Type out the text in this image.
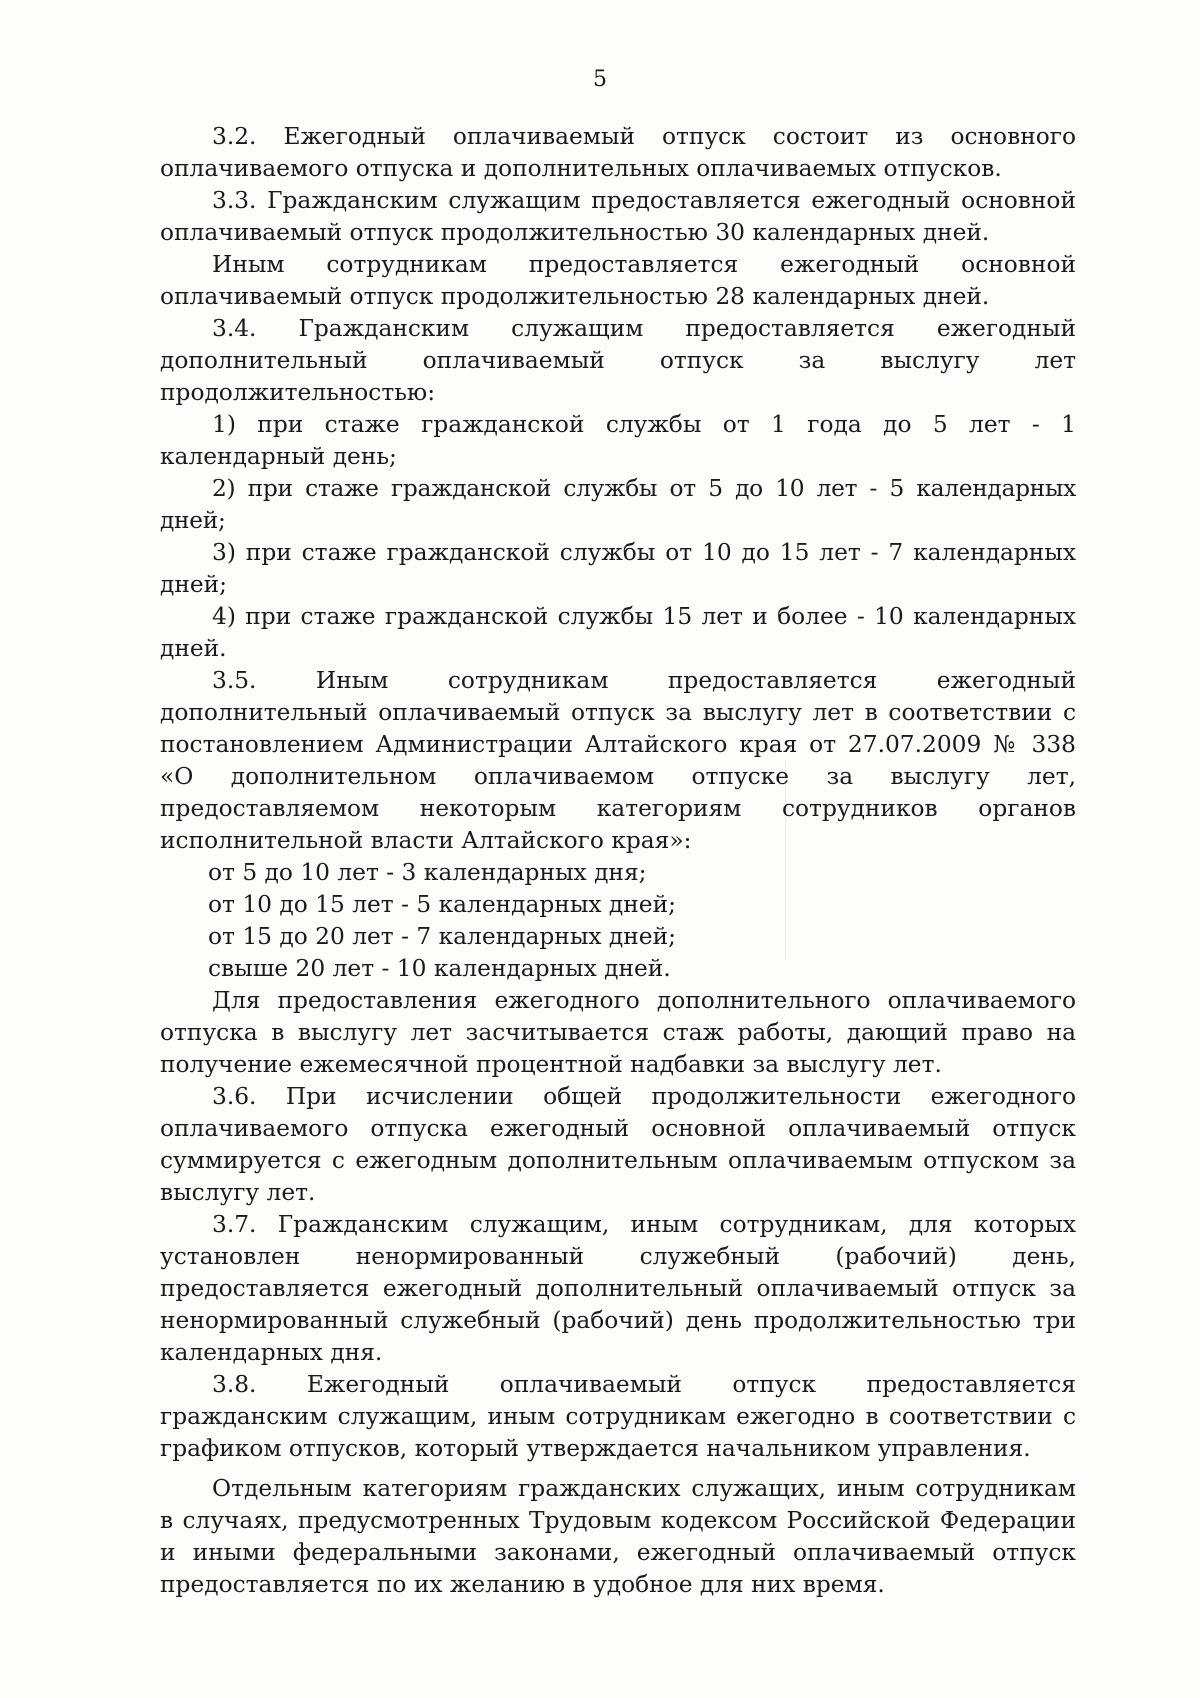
5

3.2. Ежегодный оплачиваемый отпуск состоит из основного оплачиваемого отпуска и дополнительных оплачиваемых отпусков.

3.3. Гражданским служащим предоставляется ежегодный основной оплачиваемый отпуск продолжительностью 30 календарных дней.

Иным сотрудникам предоставляется ежегодный основной оплачиваемый отпуск продолжительностью 28 календарных дней.

3.4. Гражданским служащим предоставляется ежегодный дополнительный оплачиваемый отпуск за выслугу лет продолжительностью:

1) при стаже гражданской службы от 1 года до 5 лет - 1 календарный день;

2) при стаже гражданской службы от 5 до 10 лет - 5 календарных дней;

3) при стаже гражданской службы от 10 до 15 лет - 7 календарных дней;

4) при стаже гражданской службы 15 лет и более - 10 календарных дней.

3.5. Иным сотрудникам предоставляется ежегодный дополнительный оплачиваемый отпуск за выслугу лет в соответствии с постановлением Администрации Алтайского края от 27.07.2009 № 338 «О дополнительном оплачиваемом отпуске за выслугу лет, предоставляемом некоторым категориям сотрудников органов исполнительной власти Алтайского края»:

от 5 до 10 лет - 3 календарных дня;

от 10 до 15 лет - 5 календарных дней;

от 15 до 20 лет - 7 календарных дней;

свыше 20 лет - 10 календарных дней.

Для предоставления ежегодного дополнительного оплачиваемого отпуска в выслугу лет засчитывается стаж работы, дающий право на получение ежемесячной процентной надбавки за выслугу лет.

3.6. При исчислении общей продолжительности ежегодного оплачиваемого отпуска ежегодный основной оплачиваемый отпуск суммируется с ежегодным дополнительным оплачиваемым отпуском за выслугу лет.

3.7. Гражданским служащим, иным сотрудникам, для которых установлен ненормированный служебный (рабочий) день, предоставляется ежегодный дополнительный оплачиваемый отпуск за ненормированный служебный (рабочий) день продолжительностью три календарных дня.

3.8. Ежегодный оплачиваемый отпуск предоставляется гражданским служащим, иным сотрудникам ежегодно в соответствии с графиком отпусков, который утверждается начальником управления.

Отдельным категориям гражданских служащих, иным сотрудникам в случаях, предусмотренных Трудовым кодексом Российской Федерации и иными федеральными законами, ежегодный оплачиваемый отпуск предоставляется по их желанию в удобное для них время.
